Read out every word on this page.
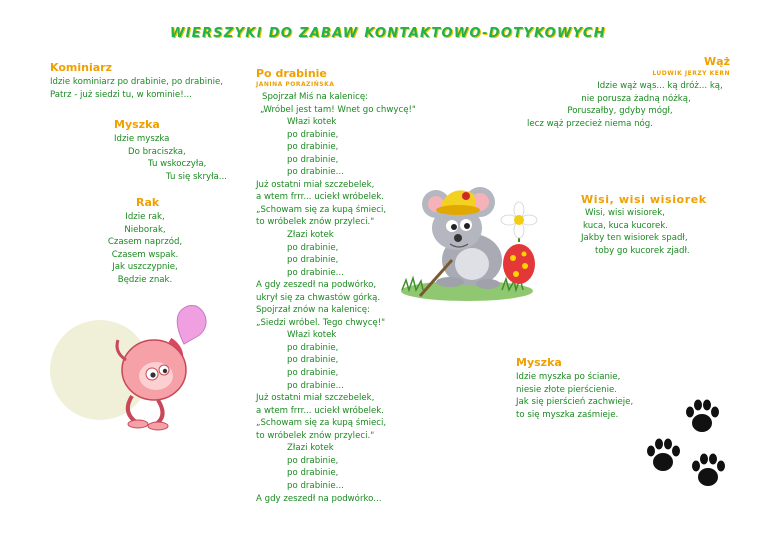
WIERSZYKI DO ZABAW KONTAKTOWO-DOTYKOWYCH
Kominiarz
Idzie kominiarz po drabinie, po drabinie,
Patrz - już siedzi tu, w kominie!...
Myszka
Idzie myszka
Do braciszka,
Tu wskoczyła,
Tu się skryła...
Rak
Idzie rak,
Nieborak,
Czasem naprzód,
Czasem wspak.
Jak uszczypnie,
Będzie znak.
Po drabinie
JANINA PORAZIŃSKA
Spojrzał Miś na kalenicę:
„Wróbel jest tam! Wnet go chwycę!"
Włazi kotek
po drabinie,
po drabinie,
po drabinie,
po drabinie...
Już ostatni miał szczebelek,
a wtem frrr... uciekł wróbelek.
„Schowam się za kupą śmieci,
to wróbelek znów przyleci."
Złazi kotek
po drabinie,
po drabinie,
po drabinie...
A gdy zeszedł na podwórko,
ukrył się za chwastów górką.
Spojrzał znów na kalenicę:
„Siedzi wróbel. Tego chwycę!"
Włazi kotek
po drabinie,
po drabinie,
po drabinie,
po drabinie...
Już ostatni miał szczebelek,
a wtem frrr... uciekł wróbelek.
„Schowam się za kupą śmieci,
to wróbelek znów przyleci."
Złazi kotek
po drabinie,
po drabinie,
po drabinie...
A gdy zeszedł na podwórko...
Wąż
LUDWIK JERZY KERN
Idzie wąż wąs... ką dróż... ką,
nie porusza żadną nóżką,
Poruszałby, gdyby mógł,
lecz wąż przecież niema nóg.
Wisi, wisi wisiorek
Wisi, wisi wisiorek,
kuca, kuca kucorek.
Jakby ten wisiorek spadł,
toby go kucorek zjadł.
Myszka
Idzie myszka po ścianie,
niesie złote pierścienie.
Jak się pierścień zachwieje,
to się myszka zaśmieje.
